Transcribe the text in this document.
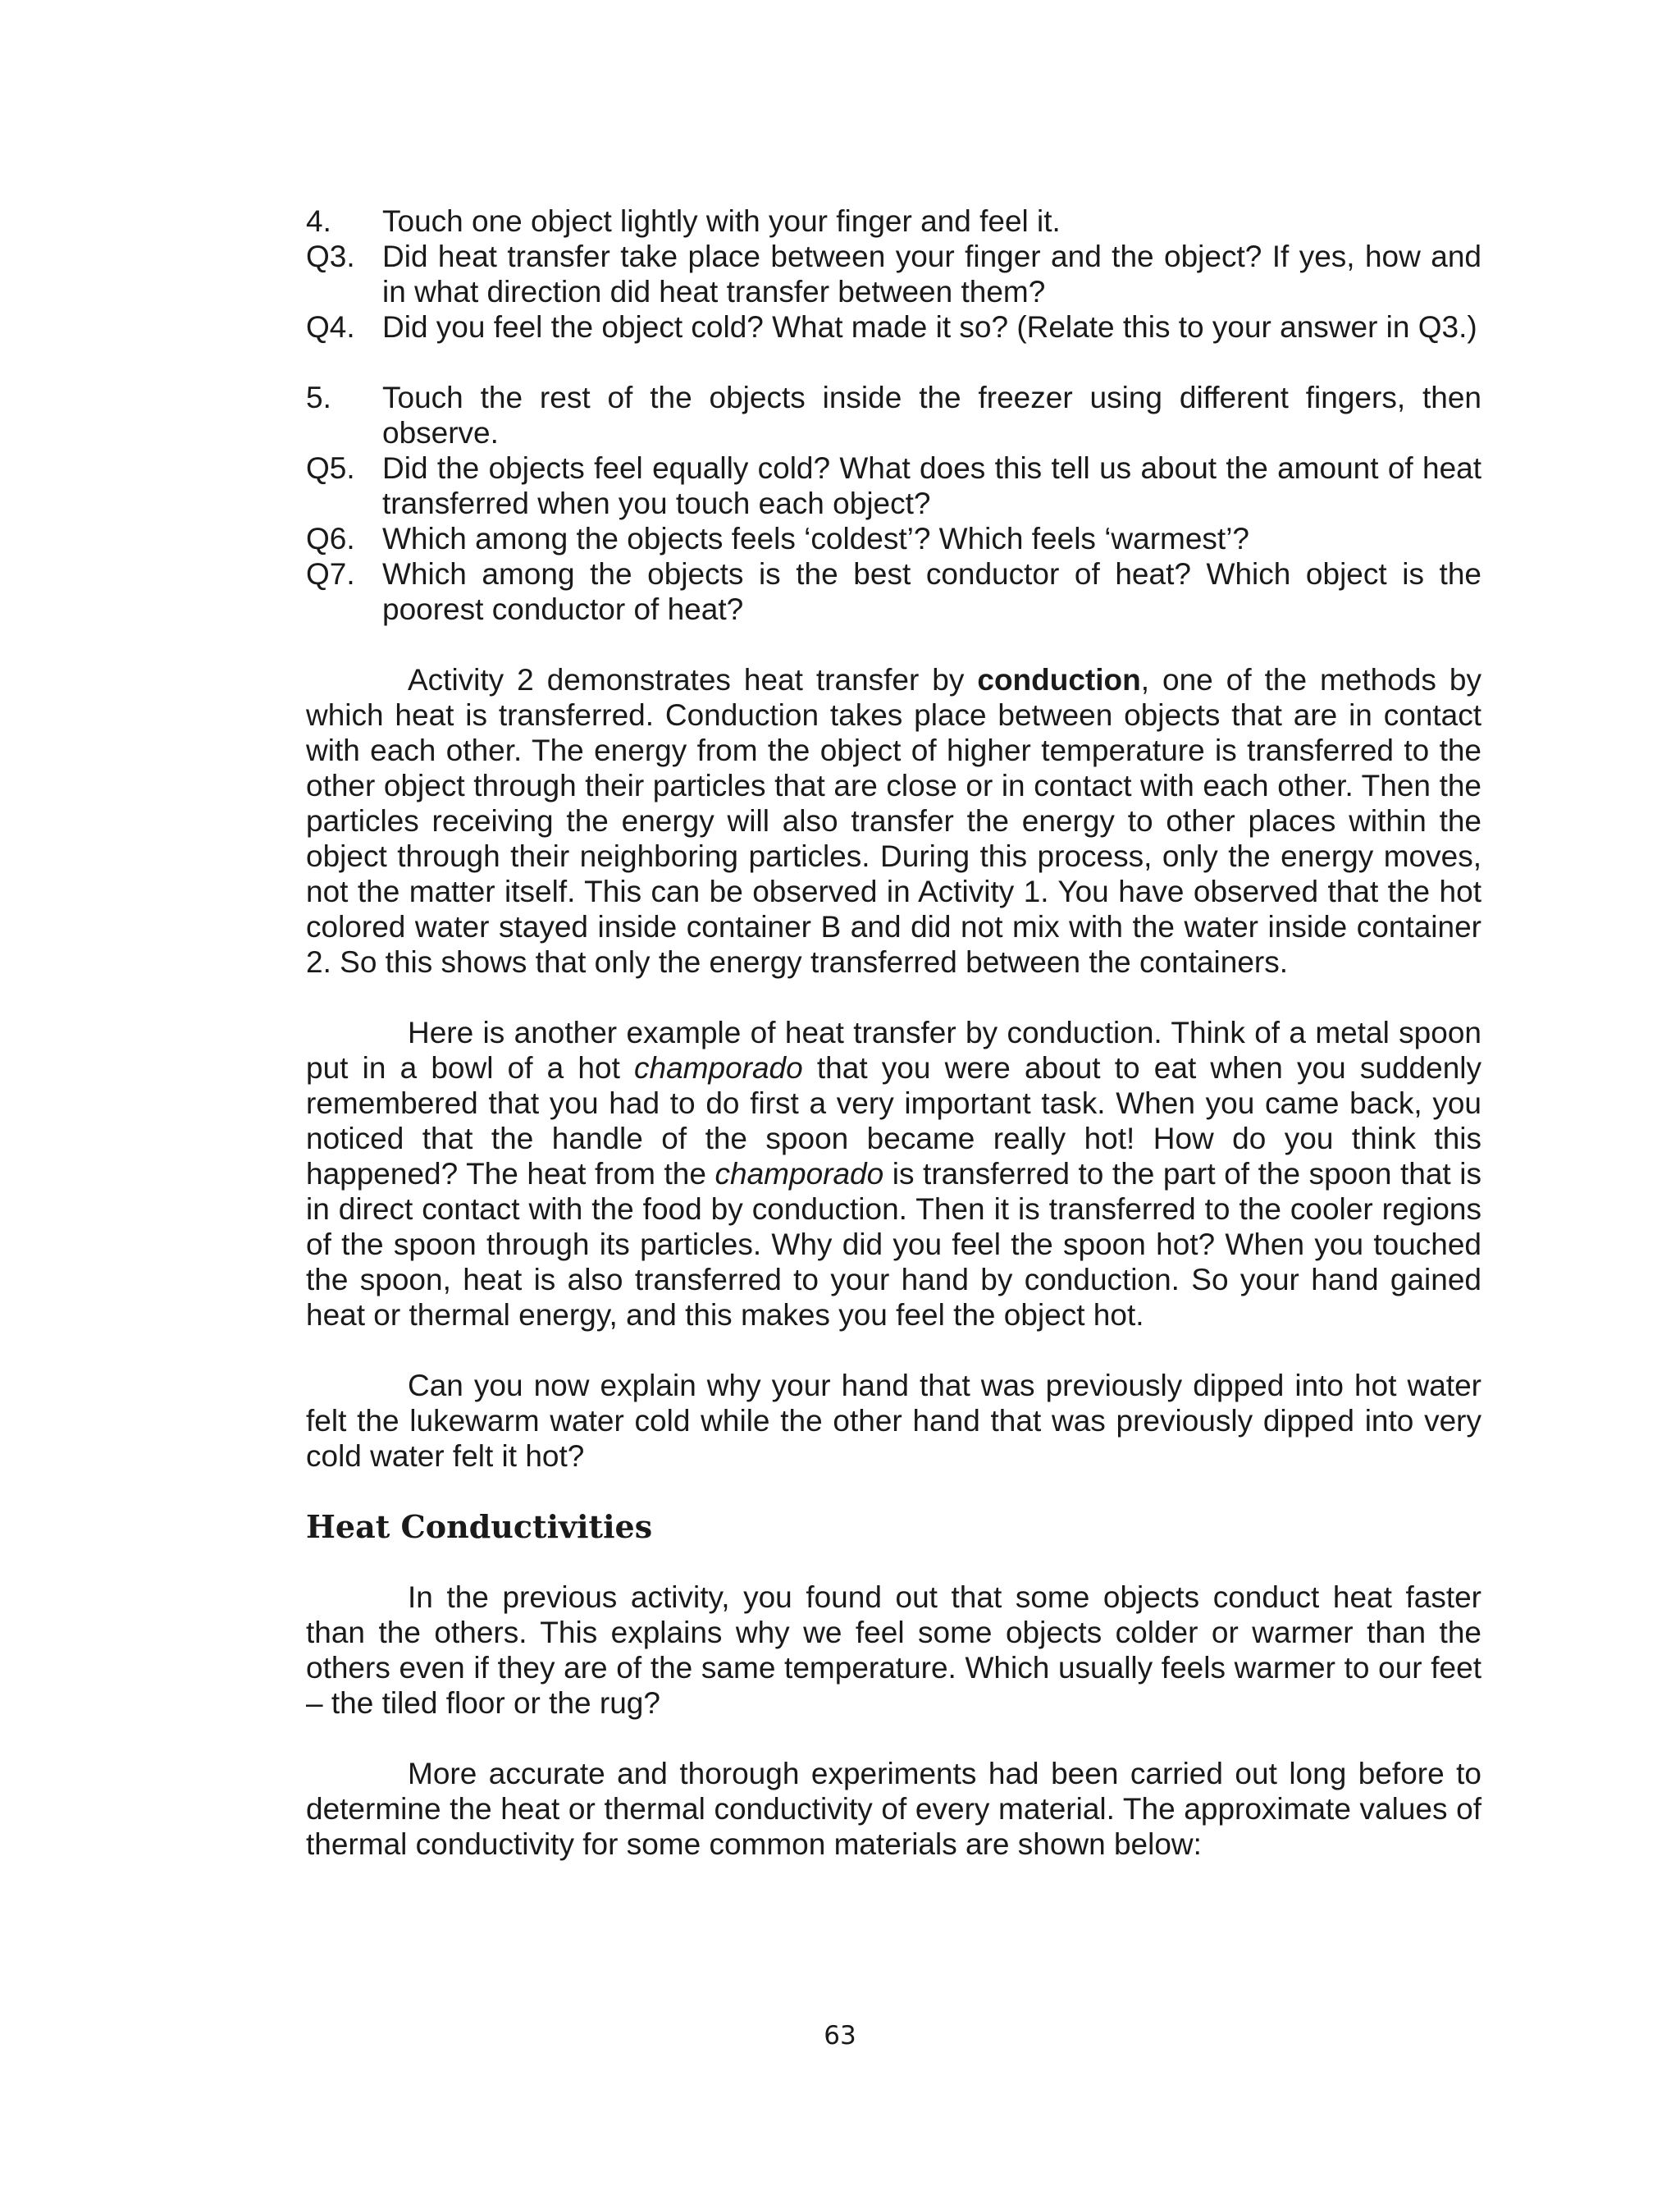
4.	Touch one object lightly with your finger and feel it.
Q3. Did heat transfer take place between your finger and the object? If yes, how and in what direction did heat transfer between them?
Q4. Did you feel the object cold? What made it so? (Relate this to your answer in Q3.)
5.	Touch the rest of the objects inside the freezer using different fingers, then observe.
Q5. Did the objects feel equally cold? What does this tell us about the amount of heat transferred when you touch each object?
Q6. Which among the objects feels ‘coldest’? Which feels ‘warmest’?
Q7. Which among the objects is the best conductor of heat? Which object is the poorest conductor of heat?

Activity 2 demonstrates heat transfer by conduction, one of the methods by which heat is transferred. Conduction takes place between objects that are in contact with each other. The energy from the object of higher temperature is transferred to the other object through their particles that are close or in contact with each other. Then the particles receiving the energy will also transfer the energy to other places within the object through their neighboring particles. During this process, only the energy moves, not the matter itself. This can be observed in Activity 1. You have observed that the hot colored water stayed inside container B and did not mix with the water inside container 2. So this shows that only the energy transferred between the containers.

Here is another example of heat transfer by conduction. Think of a metal spoon put in a bowl of a hot champorado that you were about to eat when you suddenly remembered that you had to do first a very important task. When you came back, you noticed that the handle of the spoon became really hot! How do you think this happened? The heat from the champorado is transferred to the part of the spoon that is in direct contact with the food by conduction. Then it is transferred to the cooler regions of the spoon through its particles. Why did you feel the spoon hot? When you touched the spoon, heat is also transferred to your hand by conduction. So your hand gained heat or thermal energy, and this makes you feel the object hot.

Can you now explain why your hand that was previously dipped into hot water felt the lukewarm water cold while the other hand that was previously dipped into very cold water felt it hot?

Heat Conductivities

In the previous activity, you found out that some objects conduct heat faster than the others. This explains why we feel some objects colder or warmer than the others even if they are of the same temperature. Which usually feels warmer to our feet – the tiled floor or the rug?

More accurate and thorough experiments had been carried out long before to determine the heat or thermal conductivity of every material. The approximate values of thermal conductivity for some common materials are shown below:

63
